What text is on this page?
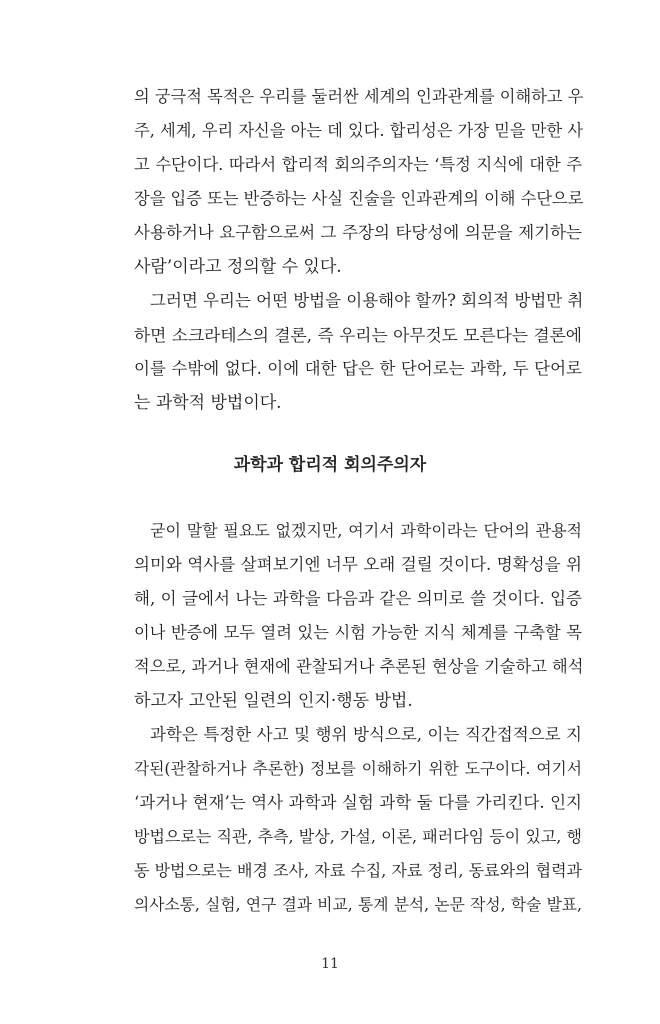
의 궁극적 목적은 우리를 둘러싼 세계의 인과관계를 이해하고 우
주, 세계, 우리 자신을 아는 데 있다. 합리성은 가장 믿을 만한 사
고 수단이다. 따라서 합리적 회의주의자는 ‘특정 지식에 대한 주
장을 입증 또는 반증하는 사실 진술을 인과관계의 이해 수단으로
사용하거나 요구함으로써 그 주장의 타당성에 의문을 제기하는
사람’이라고 정의할 수 있다.
그러면 우리는 어떤 방법을 이용해야 할까? 회의적 방법만 취
하면 소크라테스의 결론, 즉 우리는 아무것도 모른다는 결론에
이를 수밖에 없다. 이에 대한 답은 한 단어로는 과학, 두 단어로
는 과학적 방법이다.
과학과 합리적 회의주의자
굳이 말할 필요도 없겠지만, 여기서 과학이라는 단어의 관용적
의미와 역사를 살펴보기엔 너무 오래 걸릴 것이다. 명확성을 위
해, 이 글에서 나는 과학을 다음과 같은 의미로 쓸 것이다. 입증
이나 반증에 모두 열려 있는 시험 가능한 지식 체계를 구축할 목
적으로, 과거나 현재에 관찰되거나 추론된 현상을 기술하고 해석
하고자 고안된 일련의 인지·행동 방법.
과학은 특정한 사고 및 행위 방식으로, 이는 직간접적으로 지
각된(관찰하거나 추론한) 정보를 이해하기 위한 도구이다. 여기서
‘과거나 현재’는 역사 과학과 실험 과학 둘 다를 가리킨다. 인지
방법으로는 직관, 추측, 발상, 가설, 이론, 패러다임 등이 있고, 행
동 방법으로는 배경 조사, 자료 수집, 자료 정리, 동료와의 협력과
의사소통, 실험, 연구 결과 비교, 통계 분석, 논문 작성, 학술 발표,
11
